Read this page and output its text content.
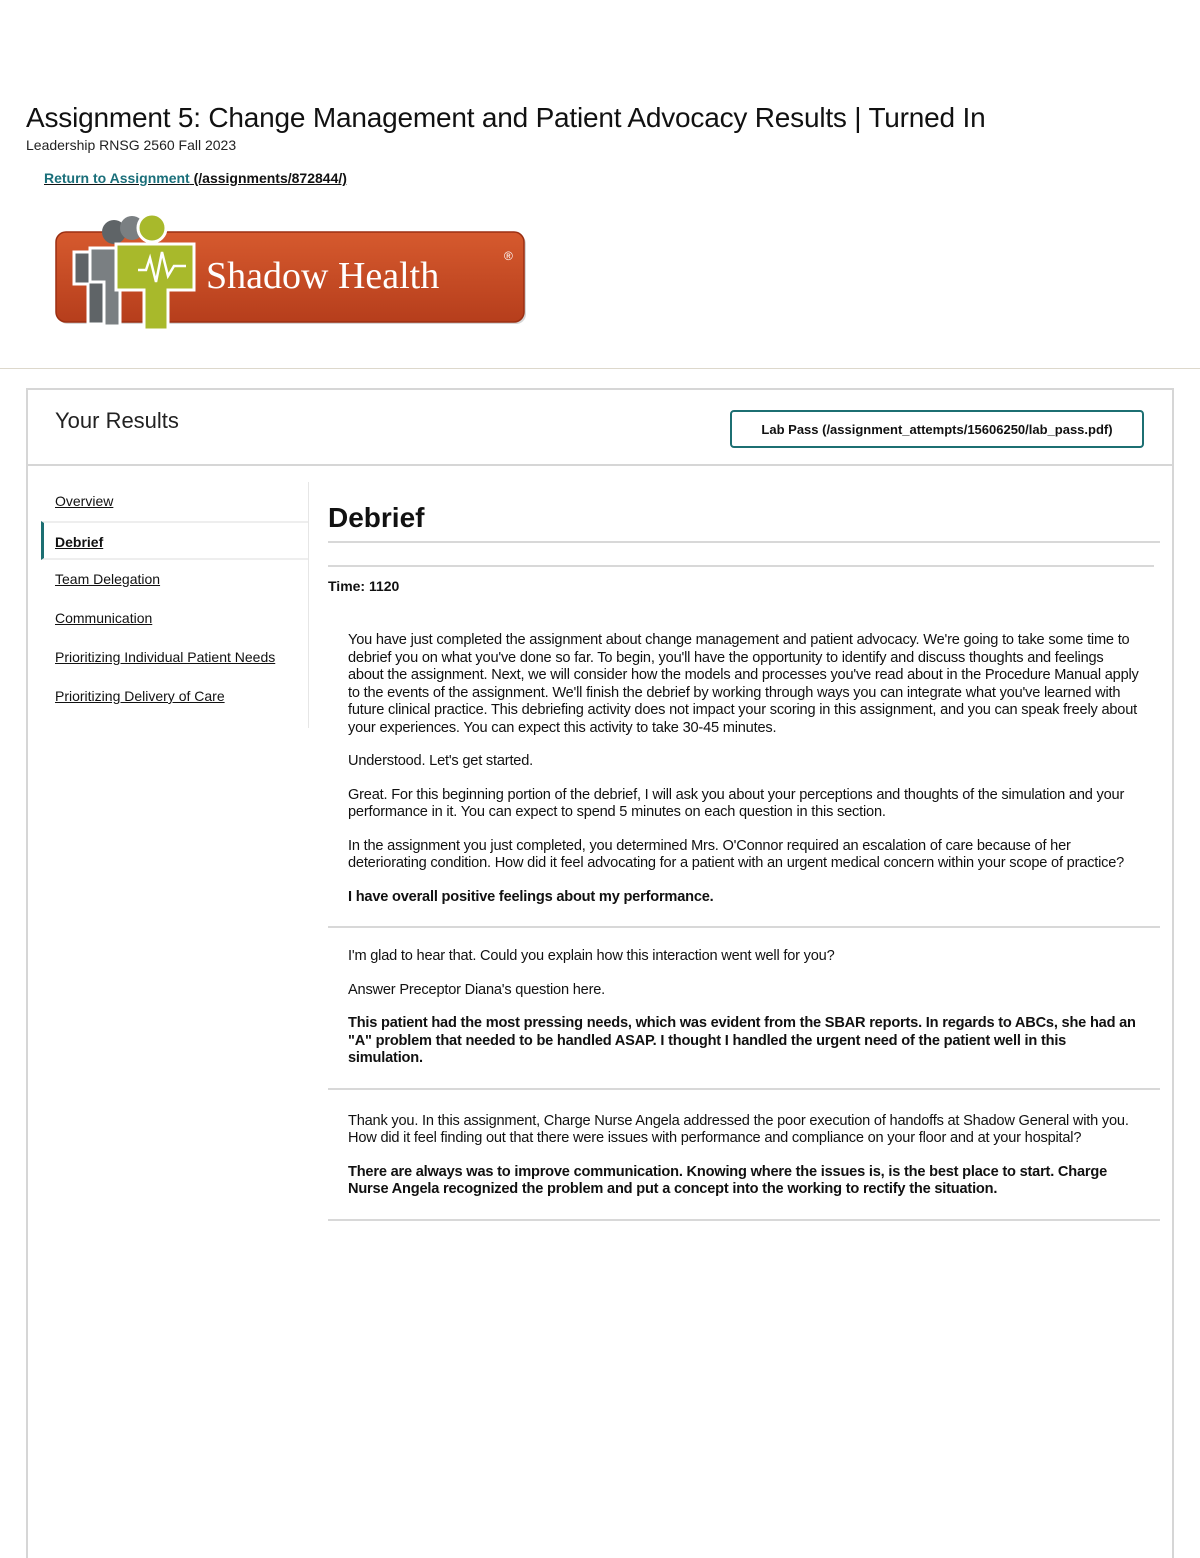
Assignment 5: Change Management and Patient Advocacy Results | Turned In
Leadership RNSG 2560 Fall 2023
Return to Assignment (/assignments/872844/)
Shadow Health	®
Your Results	Lab Pass (/assignment_attempts/15606250/lab_pass.pdf)
Overview
Debrief
Team Delegation
Communication
Prioritizing Individual Patient Needs
Prioritizing Delivery of Care
Debrief
Time: 1120

You have just completed the assignment about change management and patient advocacy. We're going to take some time to debrief you on what you've done so far. To begin, you'll have the opportunity to identify and discuss thoughts and feelings about the assignment. Next, we will consider how the models and processes you've read about in the Procedure Manual apply to the events of the assignment. We'll finish the debrief by working through ways you can integrate what you've learned with future clinical practice. This debriefing activity does not impact your scoring in this assignment, and you can speak freely about your experiences. You can expect this activity to take 30-45 minutes.

Understood. Let's get started.

Great. For this beginning portion of the debrief, I will ask you about your perceptions and thoughts of the simulation and your performance in it. You can expect to spend 5 minutes on each question in this section.

In the assignment you just completed, you determined Mrs. O'Connor required an escalation of care because of her deteriorating condition. How did it feel advocating for a patient with an urgent medical concern within your scope of practice?

I have overall positive feelings about my performance.

I'm glad to hear that. Could you explain how this interaction went well for you?

Answer Preceptor Diana's question here.

This patient had the most pressing needs, which was evident from the SBAR reports. In regards to ABCs, she had an "A" problem that needed to be handled ASAP. I thought I handled the urgent need of the patient well in this simulation.

Thank you. In this assignment, Charge Nurse Angela addressed the poor execution of handoffs at Shadow General with you. How did it feel finding out that there were issues with performance and compliance on your floor and at your hospital?

There are always was to improve communication. Knowing where the issues is, is the best place to start. Charge Nurse Angela recognized the problem and put a concept into the working to rectify the situation.
